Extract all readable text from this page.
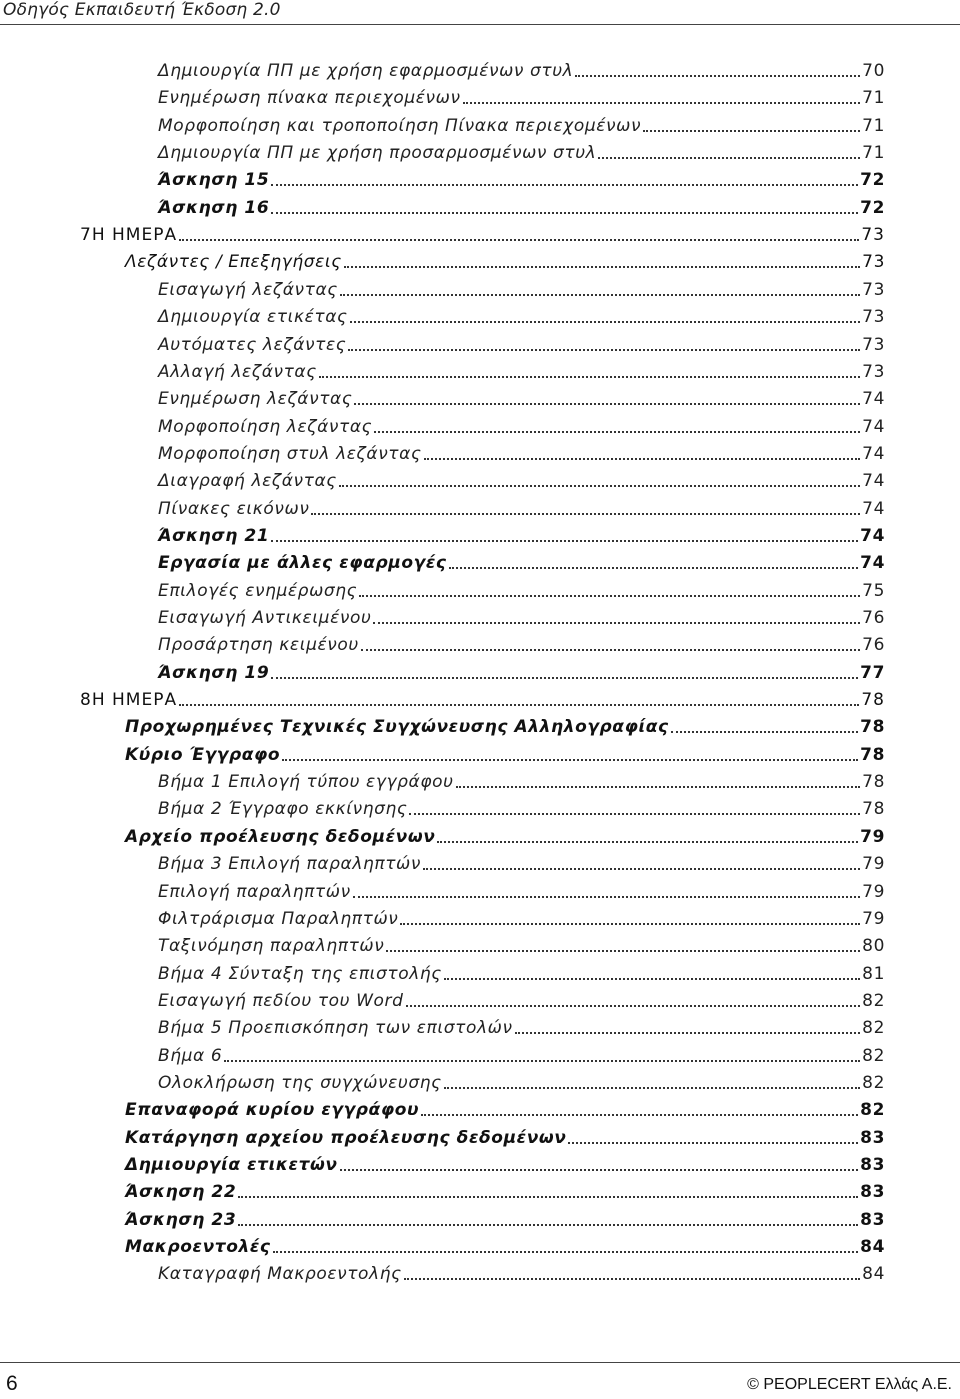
Οδηγός Εκπαιδευτή Έκδοση 2.0
Δημιουργία ΠΠ με χρήση εφαρμοσμένων στυλ	70
Ενημέρωση πίνακα περιεχομένων	71
Μορφοποίηση και τροποποίηση Πίνακα περιεχομένων	71
Δημιουργία ΠΠ με χρήση προσαρμοσμένων στυλ	71
Άσκηση 15	72
Άσκηση 16	72
7Η ΗΜΕΡΑ	73
Λεζάντες / Επεξηγήσεις	73
Εισαγωγή λεζάντας	73
Δημιουργία ετικέτας	73
Αυτόματες λεζάντες	73
Αλλαγή λεζάντας	73
Ενημέρωση λεζάντας	74
Μορφοποίηση λεζάντας	74
Μορφοποίηση στυλ λεζάντας	74
Διαγραφή λεζάντας	74
Πίνακες εικόνων	74
Άσκηση 21	74
Εργασία με άλλες εφαρμογές	74
Επιλογές ενημέρωσης	75
Εισαγωγή Αντικειμένου	76
Προσάρτηση κειμένου	76
Άσκηση 19	77
8Η ΗΜΕΡΑ	78
Προχωρημένες Τεχνικές Συγχώνευσης Αλληλογραφίας	78
Κύριο Έγγραφο	78
Βήμα 1 Επιλογή τύπου εγγράφου	78
Βήμα 2 Έγγραφο εκκίνησης	78
Αρχείο προέλευσης δεδομένων	79
Βήμα 3 Επιλογή παραληπτών	79
Επιλογή παραληπτών	79
Φιλτράρισμα Παραληπτών	79
Ταξινόμηση παραληπτών	80
Βήμα 4 Σύνταξη της επιστολής	81
Εισαγωγή πεδίου του Word	82
Βήμα 5 Προεπισκόπηση των επιστολών	82
Βήμα 6	82
Ολοκλήρωση της συγχώνευσης	82
Επαναφορά κυρίου εγγράφου	82
Κατάργηση αρχείου προέλευσης δεδομένων	83
Δημιουργία ετικετών	83
Άσκηση 22	83
Άσκηση 23	83
Μακροεντολές	84
Καταγραφή Μακροεντολής	84
6	© PEOPLECERT Ελλάς Α.Ε.
